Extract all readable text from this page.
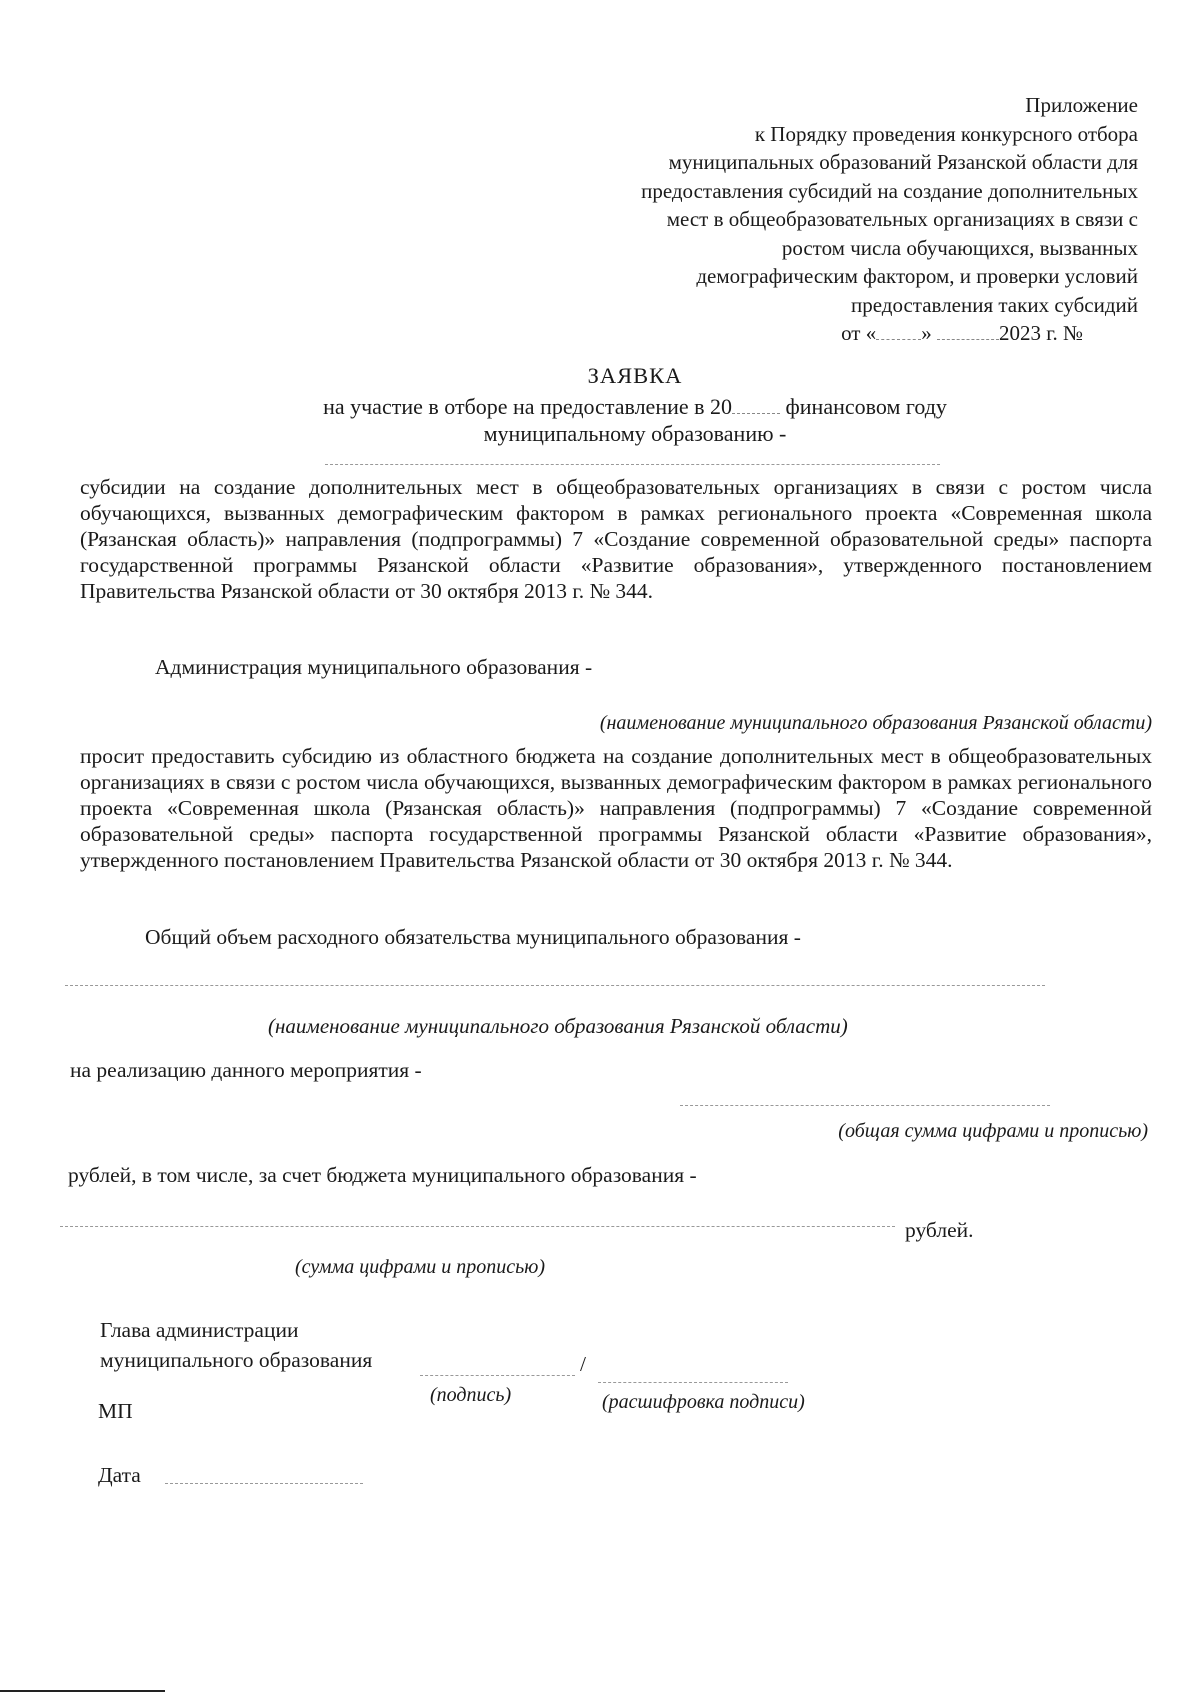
Приложение
к Порядку проведения конкурсного отбора
муниципальных образований Рязанской области для
предоставления субсидий на создание дополнительных
мест в общеобразовательных организациях в связи с
ростом числа обучающихся, вызванных
демографическим фактором, и проверки условий
предоставления таких субсидий
от « »	2023 г. №
ЗАЯВКА
на участие в отборе на предоставление в 20 финансовом году
муниципальному образованию -
субсидии на создание дополнительных мест в общеобразовательных организациях в связи с ростом числа обучающихся, вызванных демографическим фактором в рамках регионального проекта «Современная школа (Рязанская область)» направления (подпрограммы) 7 «Создание современной образовательной среды» паспорта государственной программы Рязанской области «Развитие образования», утвержденного постановлением Правительства Рязанской области от 30 октября 2013 г. № 344.
Администрация муниципального образования -
(наименование муниципального образования Рязанской области)
просит предоставить субсидию из областного бюджета на создание дополнительных мест в общеобразовательных организациях в связи с ростом числа обучающихся, вызванных демографическим фактором в рамках регионального проекта «Современная школа (Рязанская область)» направления (подпрограммы) 7 «Создание современной образовательной среды» паспорта государственной программы Рязанской области «Развитие образования», утвержденного постановлением Правительства Рязанской области от 30 октября 2013 г. № 344.
Общий объем расходного обязательства муниципального образования -
(наименование муниципального образования Рязанской области)
на реализацию данного мероприятия -
(общая сумма цифрами и прописью)
рублей, в том числе, за счет бюджета муниципального образования -
рублей.
(сумма цифрами и прописью)
Глава администрации
муниципального образования	/
(подпись)	(расшифровка подписи)
МП
Дата
